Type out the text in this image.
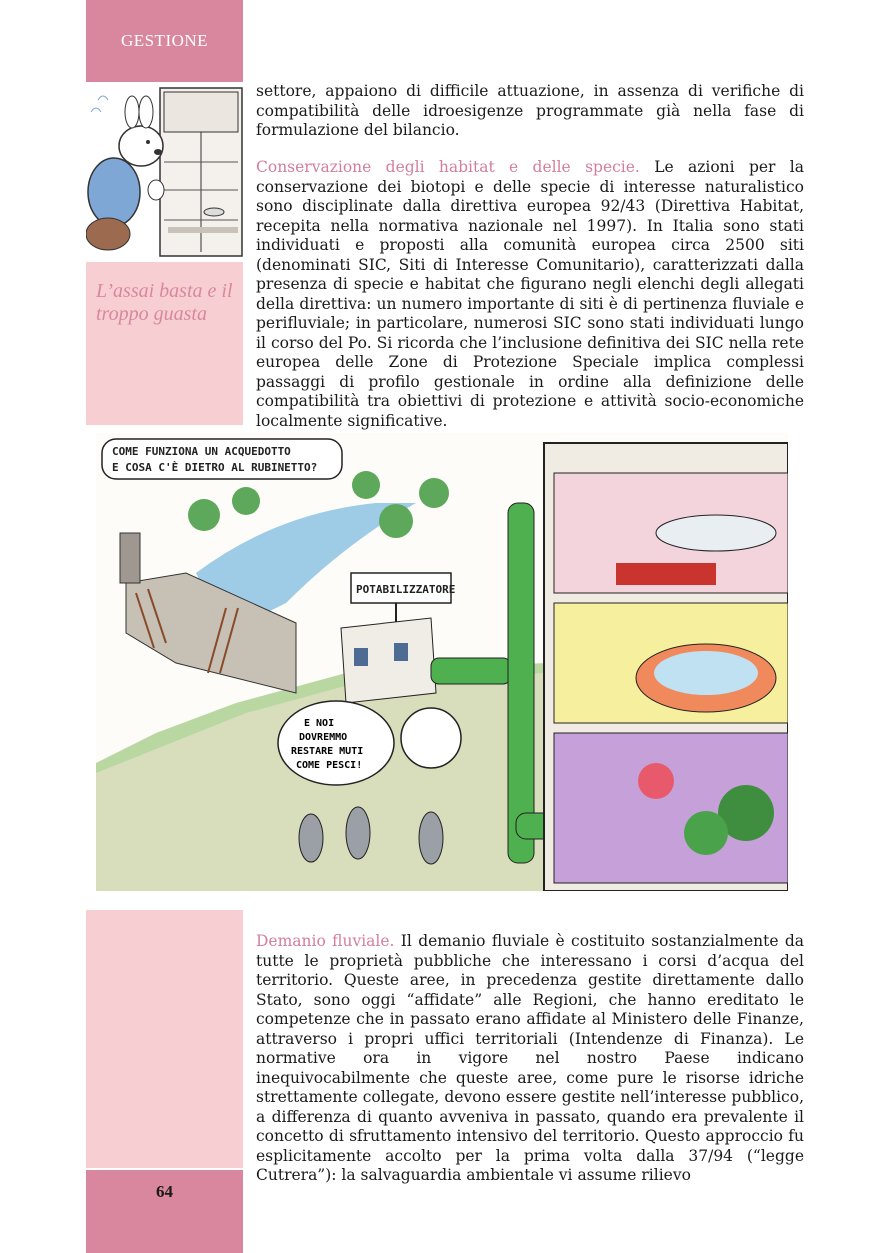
GESTIONE
L’assai basta e il troppo guasta
settore, appaiono di difficile attuazione, in assenza di verifiche di compatibilità delle idroesigenze programmate già nella fase di formulazione del bilancio.
Conservazione degli habitat e delle specie. Le azioni per la conservazione dei biotopi e delle specie di interesse naturalistico sono disciplinate dalla direttiva europea 92/43 (Direttiva Habitat, recepita nella normativa nazionale nel 1997). In Italia sono stati individuati e proposti alla comunità europea circa 2500 siti (denominati SIC, Siti di Interesse Comunitario), caratterizzati dalla presenza di specie e habitat che figurano negli elenchi degli allegati della direttiva: un numero importante di siti è di pertinenza fluviale e perifluviale; in particolare, numerosi SIC sono stati individuati lungo il corso del Po. Si ricorda che l’inclusione definitiva dei SIC nella rete europea delle Zone di Protezione Speciale implica complessi passaggi di profilo gestionale in ordine alla definizione delle compatibilità tra obiettivi di protezione e attività socio-economiche localmente significative.
COME FUNZIONA UN ACQUEDOTTO
E COSA C'È DIETRO AL RUBINETTO?
POTABILIZZATORE
E NOI
DOVREMMO
RESTARE MUTI
COME PESCI!
Demanio fluviale. Il demanio fluviale è costituito sostanzialmente da tutte le proprietà pubbliche che interessano i corsi d’acqua del territorio. Queste aree, in precedenza gestite direttamente dallo Stato, sono oggi “affidate” alle Regioni, che hanno ereditato le competenze che in passato erano affidate al Ministero delle Finanze, attraverso i propri uffici territoriali (Intendenze di Finanza). Le normative ora in vigore nel nostro Paese indicano inequivocabilmente che queste aree, come pure le risorse idriche strettamente collegate, devono essere gestite nell’interesse pubblico, a differenza di quanto avveniva in passato, quando era prevalente il concetto di sfruttamento intensivo del territorio. Questo approccio fu esplicitamente accolto per la prima volta dalla 37/94 (“legge Cutrera”): la salvaguardia ambientale vi assume rilievo
64
